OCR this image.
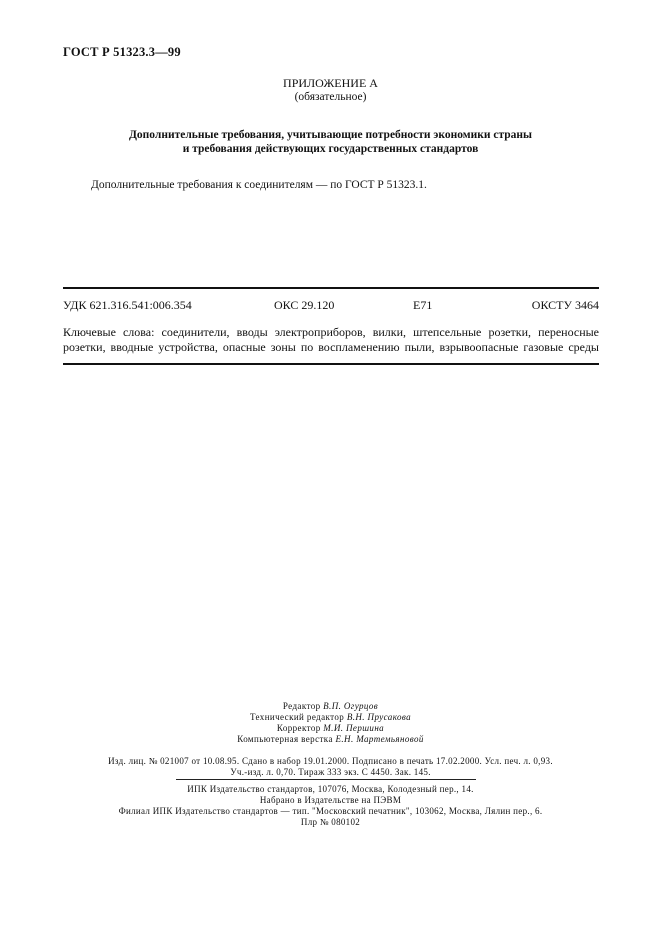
ГОСТ Р 51323.3—99
ПРИЛОЖЕНИЕ А
(обязательное)
Дополнительные требования, учитывающие потребности экономики страны
и требования действующих государственных стандартов
Дополнительные требования к соединителям — по ГОСТ Р 51323.1.
УДК 621.316.541:006.354	ОКС 29.120	Е71	ОКСТУ 3464
Ключевые слова: соединители, вводы электроприборов, вилки, штепсельные розетки, переносные
розетки, вводные устройства, опасные зоны по воспламенению пыли, взрывоопасные газовые среды
Редактор В.П. Огурцов
Технический редактор В.Н. Прусакова
Корректор М.И. Першина
Компьютерная верстка Е.Н. Мартемьяновой
Изд. лиц. № 021007 от 10.08.95. Сдано в набор 19.01.2000. Подписано в печать 17.02.2000. Усл. печ. л. 0,93.
Уч.-изд. л. 0,70. Тираж 333 экз. С 4450. Зак. 145.
ИПК Издательство стандартов, 107076, Москва, Колодезный пер., 14.
Набрано в Издательстве на ПЭВМ
Филиал ИПК Издательство стандартов — тип. "Московский печатник", 103062, Москва, Лялин пер., 6.
Плр № 080102
